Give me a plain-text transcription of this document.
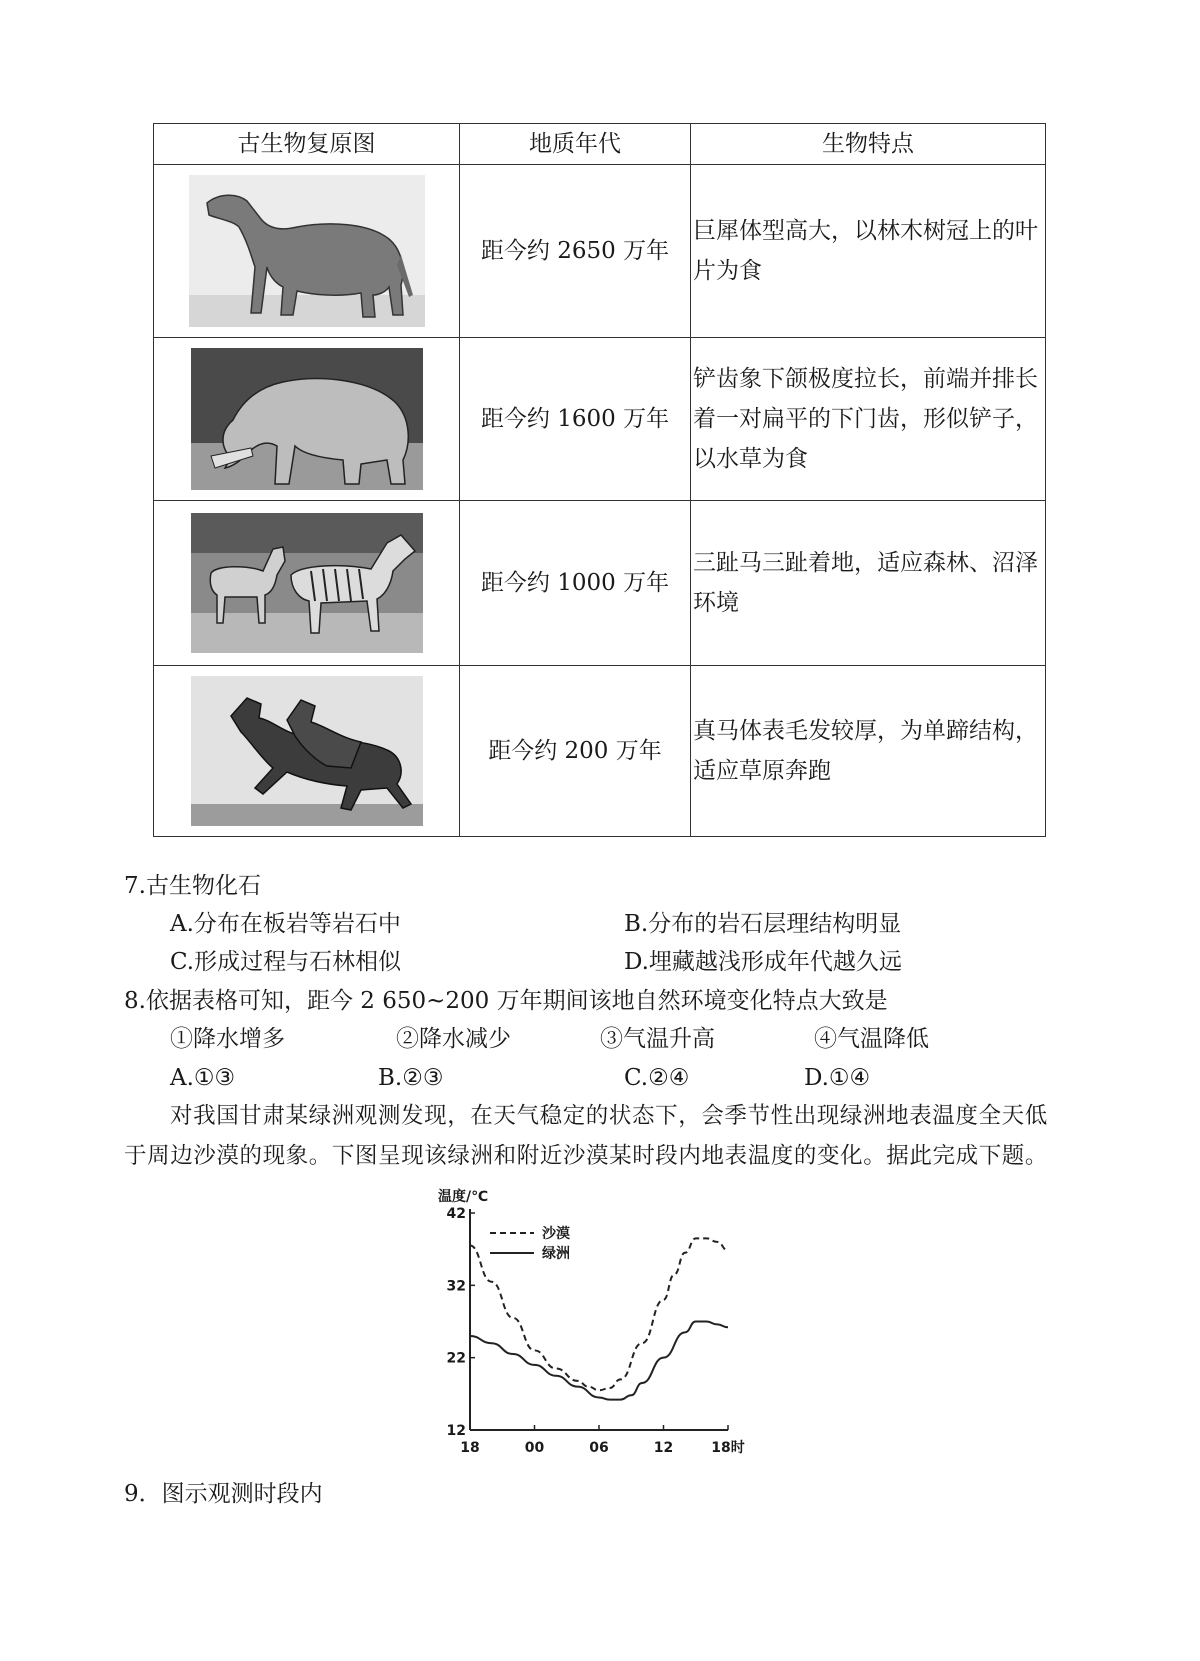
古生物复原图	地质年代	生物特点

	距今约 2650 万年	巨犀体型高大，以林木树冠上的叶片为食

	距今约 1600 万年	铲齿象下颌极度拉长，前端并排长着一对扁平的下门齿，形似铲子，以水草为食

	距今约 1000 万年	三趾马三趾着地，适应森林、沼泽环境

	距今约 200 万年	真马体表毛发较厚，为单蹄结构，适应草原奔跑
7.古生物化石
A.分布在板岩等岩石中	B.分布的岩石层理结构明显
C.形成过程与石林相似	D.埋藏越浅形成年代越久远
8.依据表格可知，距今 2 650~200 万年期间该地自然环境变化特点大致是
①降水增多	②降水减少	③气温升高	④气温降低
A.①③	B.②③	C.②④	D.①④
对我国甘肃某绿洲观测发现，在天气稳定的状态下，会季节性出现绿洲地表温度全天低
于周边沙漠的现象。下图呈现该绿洲和附近沙漠某时段内地表温度的变化。据此完成下题。
温度/℃
12
22
32
42
18	00	06	12	18时
沙漠
绿洲
9．图示观测时段内
